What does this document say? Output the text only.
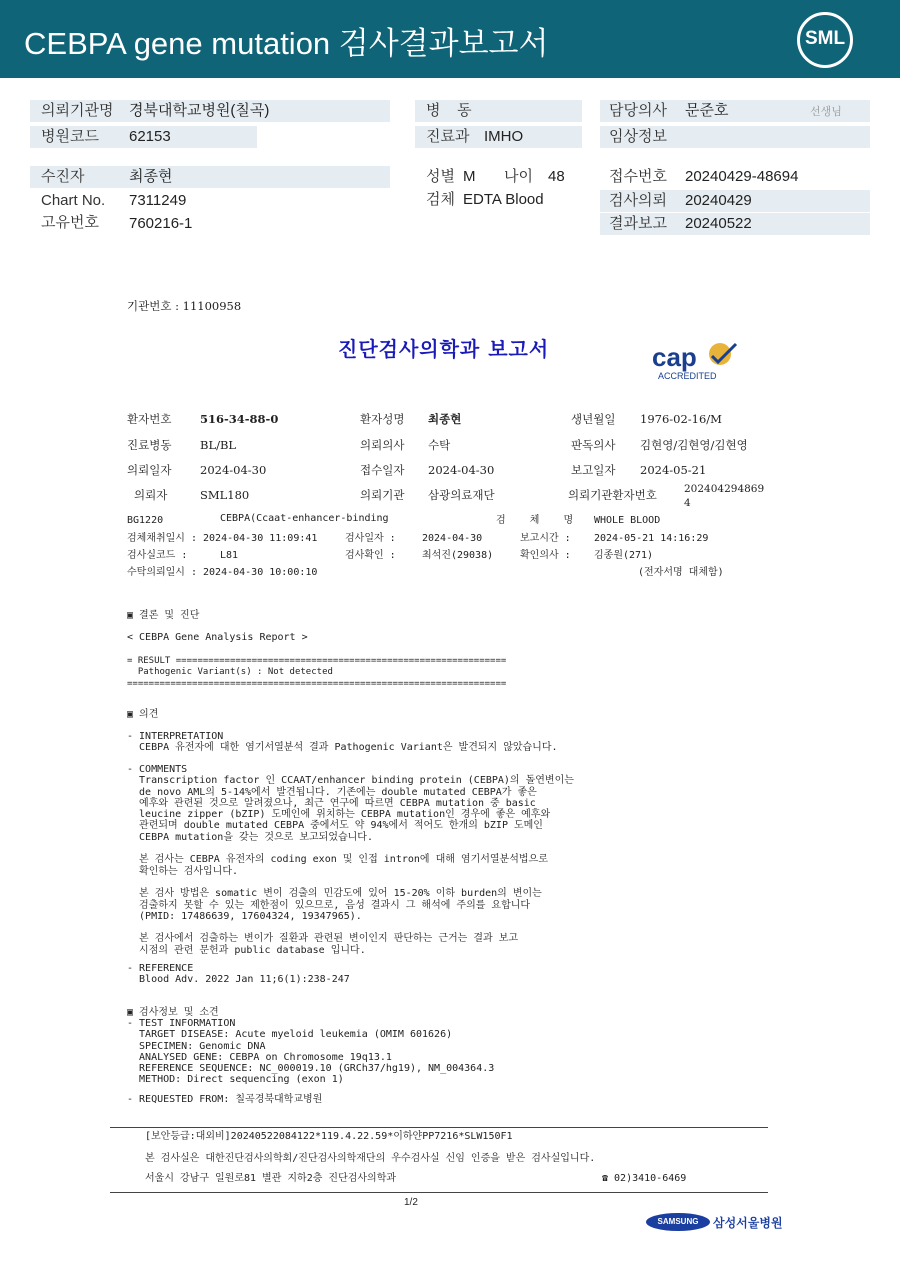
CEBPA gene mutation 검사결과보고서	SML
의뢰기관명 경북대학교병원(칠곡)
병원코드 62153
병    동
진료과 IMHO
담당의사 문준호	선생님
임상정보
수진자	최종현
Chart No. 7311249
고유번호 760216-1
성별 M 나이 48
검체 EDTA Blood
접수번호 20240429-48694
검사의뢰 20240429
결과보고 20240522
기관번호 : 11100958
진단검사의학과 보고서	cap
ACCREDITED
환자번호 516-34-88-0	환자성명 최종현	생년월일 1976-02-16/M
진료병동 BL/BL	의뢰의사 수탁	판독의사 김현영/김현영/김현영
의뢰일자 2024-04-30	접수일자 2024-04-30	보고일자 2024-05-21
의뢰자	SML180	의뢰기관 삼광의료재단	의뢰기관환자번호	202404294869
4
BG1220	CEBPA(Ccaat-enhancer-binding	검    체    명 WHOLE BLOOD
검체채취일시 : 2024-04-30 11:09:41	검사일자 :	2024-04-30	보고시간 : 2024-05-21 14:16:29
검사실코드 :	L81	검사확인 :	최석진(29038)	확인의사 : 김종원(271)
수탁의뢰일시 : 2024-04-30 10:00:10	(전자서명 대체함)
▣ 결론 및 진단
< CEBPA Gene Analysis Report >
= RESULT =============================================================
Pathogenic Variant(s) : Not detected
======================================================================
▣ 의견
- INTERPRETATION
CEBPA 유전자에 대한 염기서열분석 결과 Pathogenic Variant은 발견되지 않았습니다.
- COMMENTS
Transcription factor 인 CCAAT/enhancer binding protein (CEBPA)의 돌연변이는
de novo AML의 5-14%에서 발견됩니다. 기존에는 double mutated CEBPA가 좋은
예후와 관련된 것으로 알려졌으나, 최근 연구에 따르면 CEBPA mutation 중 basic
leucine zipper (bZIP) 도메인에 위치하는 CEBPA mutation인 경우에 좋은 예후와
관련되며 double mutated CEBPA 중에서도 약 94%에서 적어도 한개의 bZIP 도메인
CEBPA mutation을 갖는 것으로 보고되었습니다.

본 검사는 CEBPA 유전자의 coding exon 및 인접 intron에 대해 염기서열분석법으로
확인하는 검사입니다.

본 검사 방법은 somatic 변이 검출의 민감도에 있어 15-20% 이하 burden의 변이는
검출하지 못할 수 있는 제한점이 있으므로, 음성 결과시 그 해석에 주의를 요합니다
(PMID: 17486639, 17604324, 19347965).

본 검사에서 검출하는 변이가 질환과 관련된 변이인지 판단하는 근거는 결과 보고
시점의 관련 문헌과 public database 입니다.
- REFERENCE
Blood Adv. 2022 Jan 11;6(1):238-247
▣ 검사정보 및 소견
- TEST INFORMATION
TARGET DISEASE: Acute myeloid leukemia (OMIM 601626)
SPECIMEN: Genomic DNA
ANALYSED GENE: CEBPA on Chromosome 19q13.1
REFERENCE SEQUENCE: NC_000019.10 (GRCh37/hg19), NM_004364.3
METHOD: Direct sequencing (exon 1)
- REQUESTED FROM: 칠곡경북대학교병원
[보안등급:대외비]20240522084122*119.4.22.59*이하얀PP7216*SLW150F1
본 검사실은 대한진단검사의학회/진단검사의학재단의 우수검사실 신임 인증을 받은 검사실입니다.
서울시 강남구 일원로81 별관 지하2층 진단검사의학과	☎ 02)3410-6469
1/2
SAMSUNG	삼성서울병원
